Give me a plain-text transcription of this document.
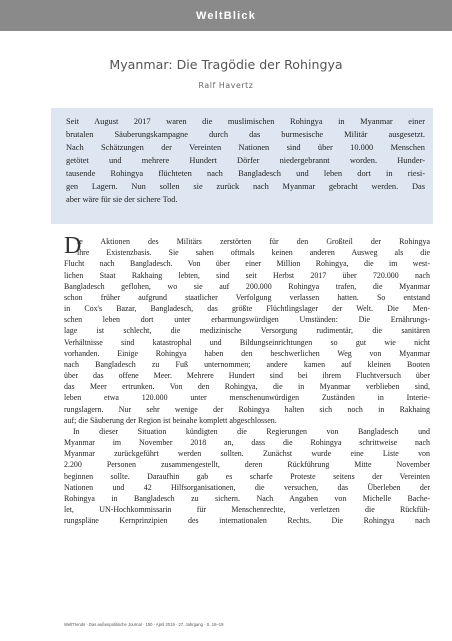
WeltBlick
Myanmar: Die Tragödie der Rohingya
Ralf Havertz
Seit August 2017 waren die muslimischen Rohingya in Myanmar einer
brutalen Säuberungskampagne durch das burmesische Militär ausgesetzt.
Nach Schätzungen der Vereinten Nationen sind über 10.000 Menschen
getötet und mehrere Hundert Dörfer niedergebrannt worden. Hunder-
tausende Rohingya flüchteten nach Bangladesch und leben dort in riesi-
gen Lagern. Nun sollen sie zurück nach Myanmar gebracht werden. Das
aber wäre für sie der sichere Tod.
D
ie Aktionen des Militärs zerstörten für den Großteil der Rohingya
ihre Existenzbasis. Sie sahen oftmals keinen anderen Ausweg als die
Flucht nach Bangladesch. Von über einer Million Rohingya, die im west-
lichen Staat Rakhaing lebten, sind seit Herbst 2017 über 720.000 nach
Bangladesch geflohen, wo sie auf 200.000 Rohingya trafen, die Myanmar
schon früher aufgrund staatlicher Verfolgung verlassen hatten. So entstand
in Cox's Bazar, Bangladesch, das größte Flüchtlingslager der Welt. Die Men-
schen leben dort unter erbarmungswürdigen Umständen: Die Ernährungs-
lage ist schlecht, die medizinische Versorgung rudimentär, die sanitären
Verhältnisse sind katastrophal und Bildungseinrichtungen so gut wie nicht
vorhanden. Einige Rohingya haben den beschwerlichen Weg von Myanmar
nach Bangladesch zu Fuß unternommen; andere kamen auf kleinen Booten
über das offene Meer. Mehrere Hundert sind bei ihrem Fluchtversuch über
das Meer ertrunken. Von den Rohingya, die in Myanmar verblieben sind,
leben etwa 120.000 unter menschenunwürdigen Zuständen in Interie-
rungslagern. Nur sehr wenige der Rohingya halten sich noch in Rakhaing
auf; die Säuberung der Region ist beinahe komplett abgeschlossen.
In dieser Situation kündigten die Regierungen von Bangladesch und
Myanmar im November 2018 an, dass die Rohingya schrittweise nach
Myanmar zurückgeführt werden sollten. Zunächst wurde eine Liste von
2.200 Personen zusammengestellt, deren Rückführung Mitte November
beginnen sollte. Daraufhin gab es scharfe Proteste seitens der Vereinten
Nationen und 42 Hilfsorganisationen, die versuchen, das Überleben der
Rohingya in Bangladesch zu sichern. Nach Angaben von Michelle Bache-
let, UN-Hochkommissarin für Menschenrechte, verletzen die Rückfüh-
rungspläne Kernprinzipien des internationalen Rechts. Die Rohingya nach
WeltTrends · Das außenpolitische Journal · 150 · April 2019 · 27. Jahrgang · S. 16–19
